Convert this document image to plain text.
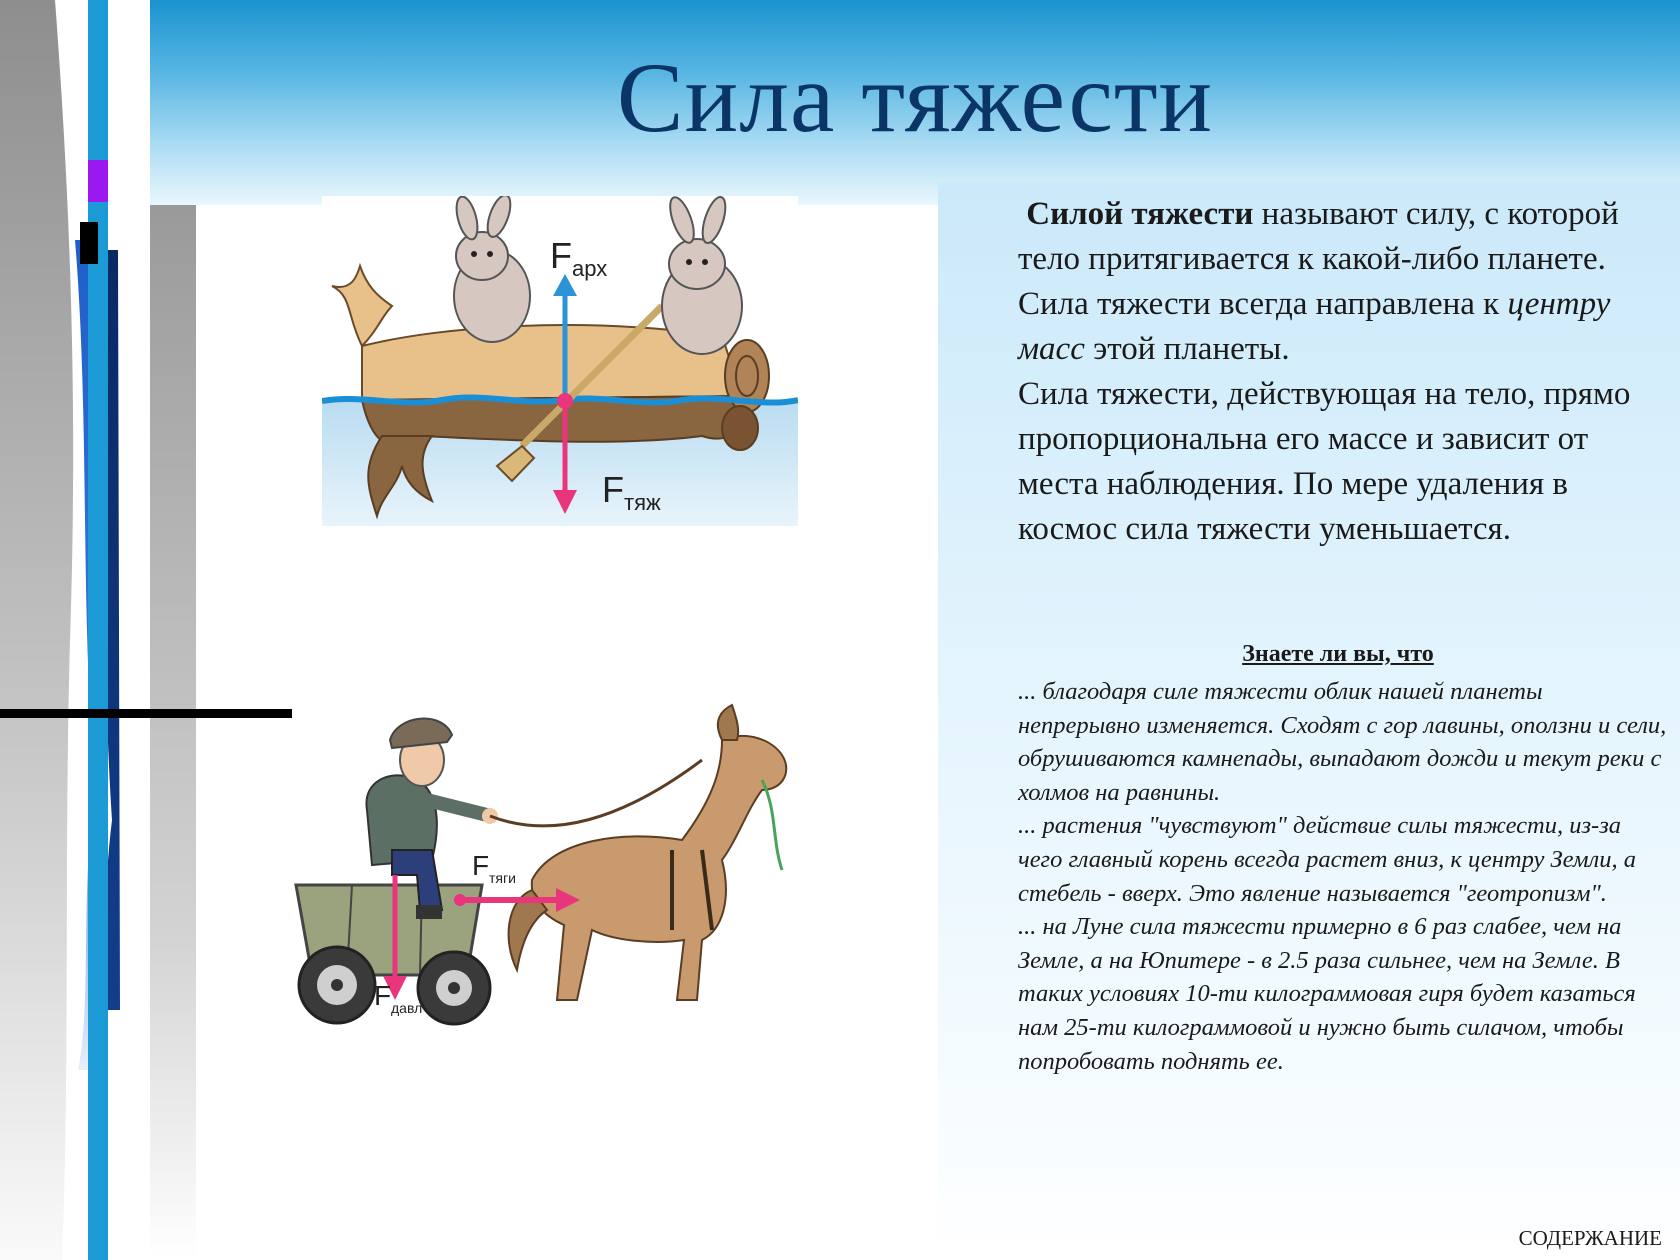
Сила тяжести

Силой тяжести называют силу, с которой тело притягивается к какой-либо планете. Сила тяжести всегда направлена к центру масс этой планеты.
Сила тяжести, действующая на тело, прямо пропорциональна его массе и зависит от места наблюдения. По мере удаления в космос сила тяжести уменьшается.

Знаете ли вы, что

... благодаря силе тяжести облик нашей планеты непрерывно изменяется. Сходят с гор лавины, оползни и сели, обрушиваются камнепады, выпадают дожди и текут реки с холмов на равнины.
... растения "чувствуют" действие силы тяжести, из-за чего главный корень всегда растет вниз, к центру Земли, а стебель - вверх. Это явление называется "геотропизм".
... на Луне сила тяжести примерно в 6 раз слабее, чем на Земле, а на Юпитере - в 2.5 раза сильнее, чем на Земле. В таких условиях 10-ти килограммовая гиря будет казаться нам 25-ти килограммовой и нужно быть силачом, чтобы попробовать поднять ее.

СОДЕРЖАНИЕ
F арх
F тяж
F тяги
F давл
